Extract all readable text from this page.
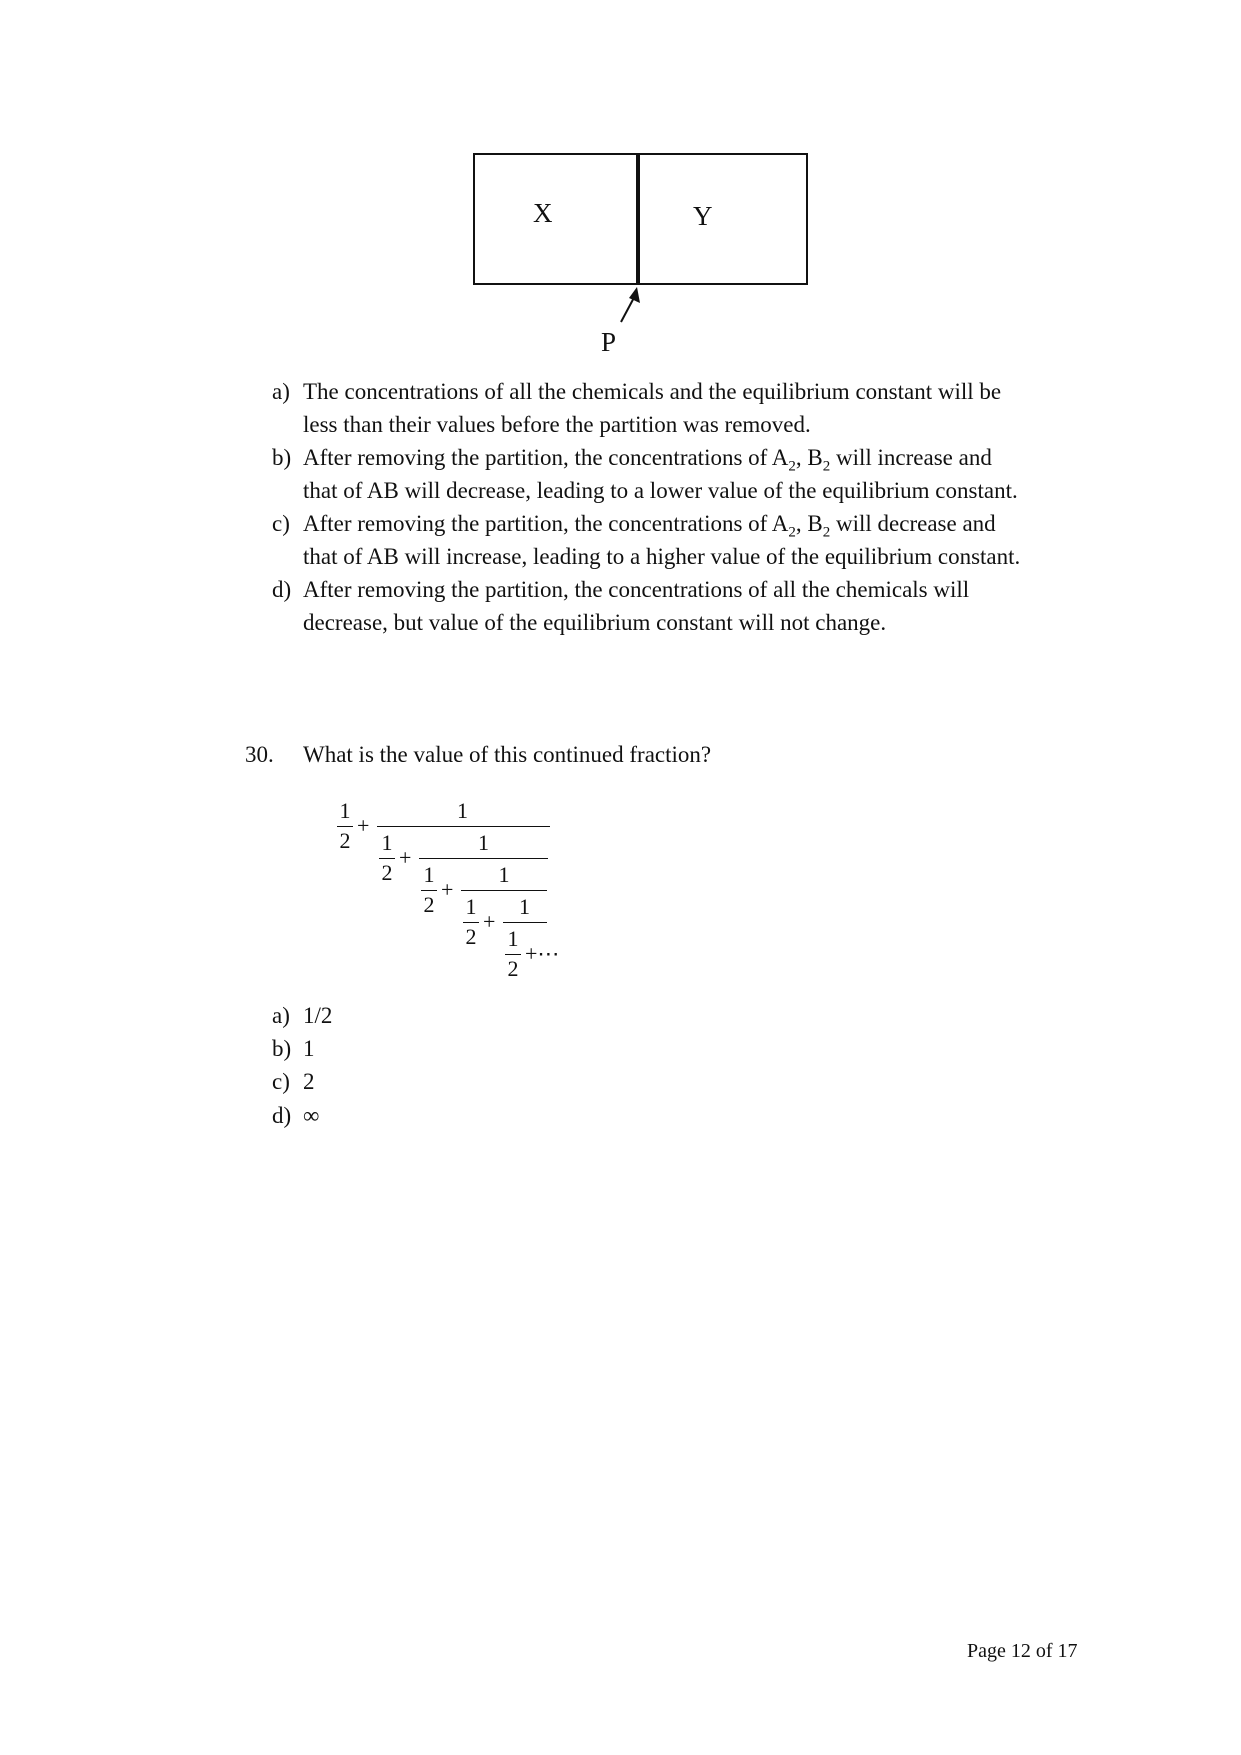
X	Y
P
a) The concentrations of all the chemicals and the equilibrium constant will be
less than their values before the partition was removed.
b) After removing the partition, the concentrations of $A_2$, $B_2$ will increase and
that of AB will decrease, leading to a lower value of the equilibrium constant.
c) After removing the partition, the concentrations of $A_2$, $B_2$ will decrease and
that of AB will increase, leading to a higher value of the equilibrium constant.
d) After removing the partition, the concentrations of all the chemicals will
decrease, but value of the equilibrium constant will not change.
30. What is the value of this continued fraction?
1
2
+
1
1
2
+
1
1
2
+
1
1
2
+
1
1
2
+⋯
a) 1/2
b) 1
c) 2
d) ∞
Page 12 of 17
